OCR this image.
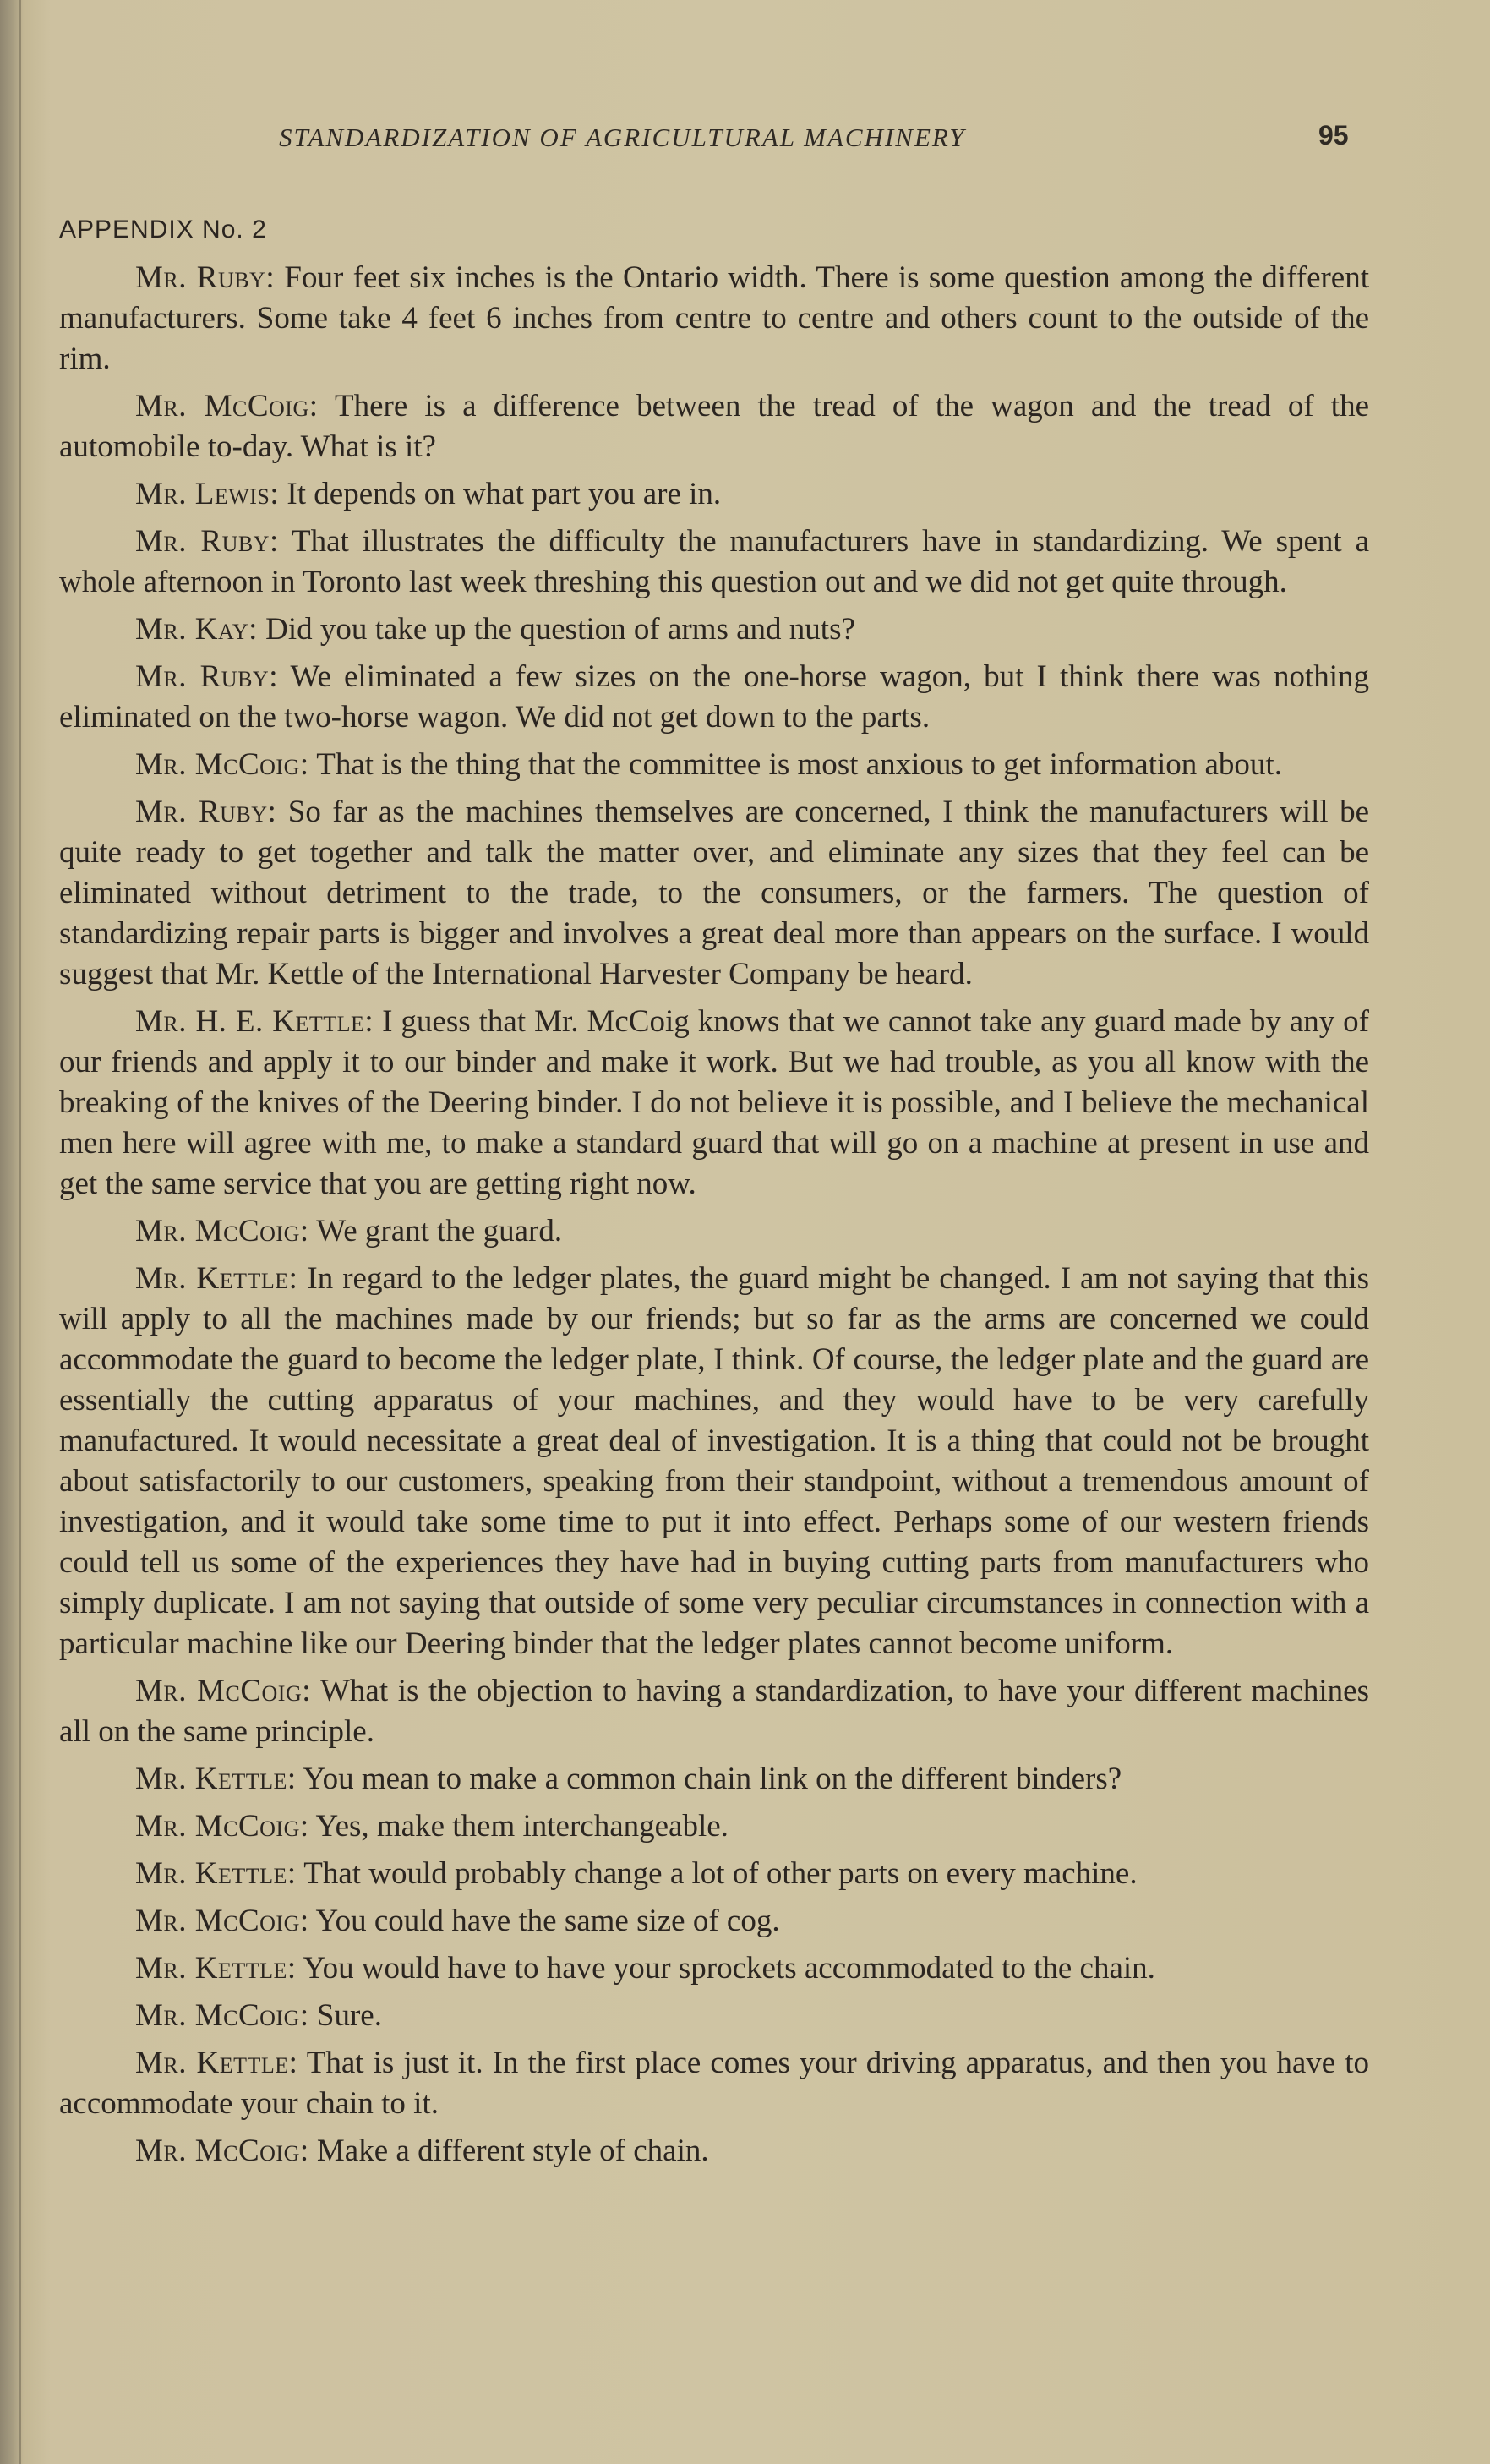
STANDARDIZATION OF AGRICULTURAL MACHINERY	95
APPENDIX No. 2

Mr. Ruby: Four feet six inches is the Ontario width. There is some question among the different manufacturers. Some take 4 feet 6 inches from centre to centre and others count to the outside of the rim.

Mr. McCoig: There is a difference between the tread of the wagon and the tread of the automobile to-day. What is it?

Mr. Lewis: It depends on what part you are in.

Mr. Ruby: That illustrates the difficulty the manufacturers have in standardizing. We spent a whole afternoon in Toronto last week threshing this question out and we did not get quite through.

Mr. Kay: Did you take up the question of arms and nuts?

Mr. Ruby: We eliminated a few sizes on the one-horse wagon, but I think there was nothing eliminated on the two-horse wagon. We did not get down to the parts.

Mr. McCoig: That is the thing that the committee is most anxious to get information about.

Mr. Ruby: So far as the machines themselves are concerned, I think the manufacturers will be quite ready to get together and talk the matter over, and eliminate any sizes that they feel can be eliminated without detriment to the trade, to the consumers, or the farmers. The question of standardizing repair parts is bigger and involves a great deal more than appears on the surface. I would suggest that Mr. Kettle of the International Harvester Company be heard.

Mr. H. E. Kettle: I guess that Mr. McCoig knows that we cannot take any guard made by any of our friends and apply it to our binder and make it work. But we had trouble, as you all know with the breaking of the knives of the Deering binder. I do not believe it is possible, and I believe the mechanical men here will agree with me, to make a standard guard that will go on a machine at present in use and get the same service that you are getting right now.

Mr. McCoig: We grant the guard.

Mr. Kettle: In regard to the ledger plates, the guard might be changed. I am not saying that this will apply to all the machines made by our friends; but so far as the arms are concerned we could accommodate the guard to become the ledger plate, I think. Of course, the ledger plate and the guard are essentially the cutting apparatus of your machines, and they would have to be very carefully manufactured. It would necessitate a great deal of investigation. It is a thing that could not be brought about satisfactorily to our customers, speaking from their standpoint, without a tremendous amount of investigation, and it would take some time to put it into effect. Perhaps some of our western friends could tell us some of the experiences they have had in buying cutting parts from manufacturers who simply duplicate. I am not saying that outside of some very peculiar circumstances in connection with a particular machine like our Deering binder that the ledger plates cannot become uniform.

Mr. McCoig: What is the objection to having a standardization, to have your different machines all on the same principle.

Mr. Kettle: You mean to make a common chain link on the different binders?

Mr. McCoig: Yes, make them interchangeable.

Mr. Kettle: That would probably change a lot of other parts on every machine.

Mr. McCoig: You could have the same size of cog.

Mr. Kettle: You would have to have your sprockets accommodated to the chain.

Mr. McCoig: Sure.

Mr. Kettle: That is just it. In the first place comes your driving apparatus, and then you have to accommodate your chain to it.

Mr. McCoig: Make a different style of chain.
